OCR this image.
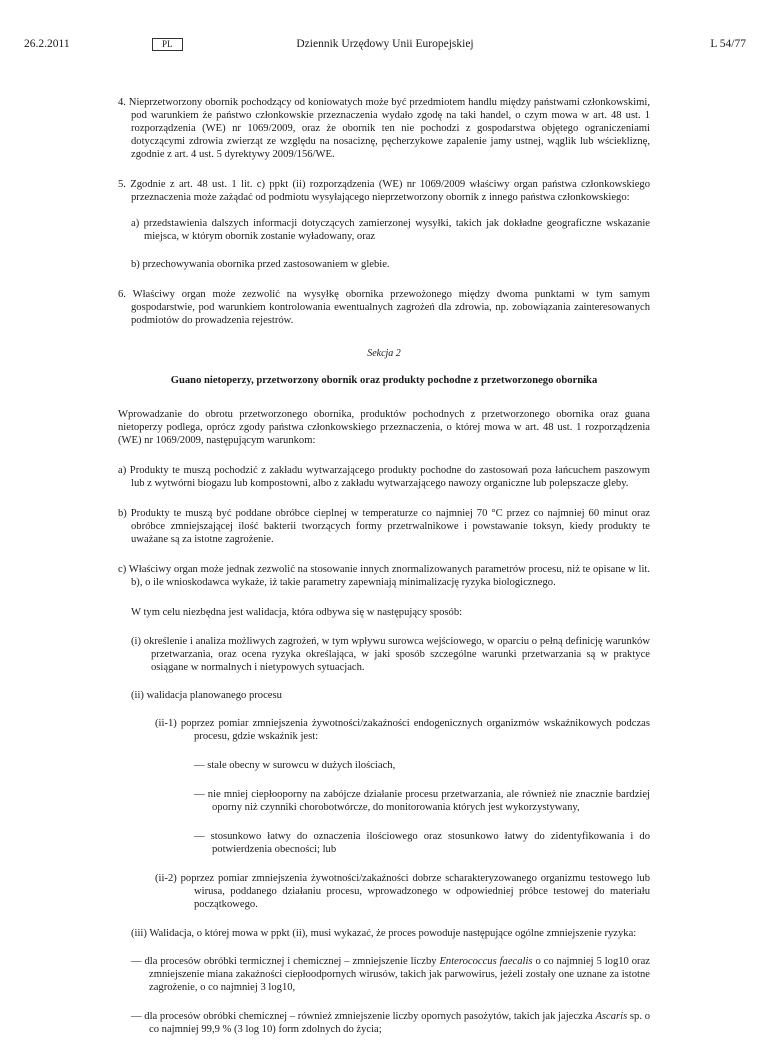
Dziennik Urzędowy Unii Europejskiej
26.2.2011	PL	L 54/77

4. Nieprzetworzony obornik pochodzący od koniowatych może być przedmiotem handlu między państwami członkowskimi, pod warunkiem że państwo członkowskie przeznaczenia wydało zgodę na taki handel, o czym mowa w art. 48 ust. 1 rozporządzenia (WE) nr 1069/2009, oraz że obornik ten nie pochodzi z gospodarstwa objętego ograniczeniami dotyczącymi zdrowia zwierząt ze względu na nosaciznę, pęcherzykowe zapalenie jamy ustnej, wąglik lub wściekliznę, zgodnie z art. 4 ust. 5 dyrektywy 2009/156/WE.

5. Zgodnie z art. 48 ust. 1 lit. c) ppkt (ii) rozporządzenia (WE) nr 1069/2009 właściwy organ państwa członkowskiego przeznaczenia może zażądać od podmiotu wysyłającego nieprzetworzony obornik z innego państwa członkowskiego:

a) przedstawienia dalszych informacji dotyczących zamierzonej wysyłki, takich jak dokładne geograficzne wskazanie miejsca, w którym obornik zostanie wyładowany, oraz

b) przechowywania obornika przed zastosowaniem w glebie.

6. Właściwy organ może zezwolić na wysyłkę obornika przewożonego między dwoma punktami w tym samym gospodarstwie, pod warunkiem kontrolowania ewentualnych zagrożeń dla zdrowia, np. zobowiązania zainteresowanych podmiotów do prowadzenia rejestrów.

Sekcja 2

Guano nietoperzy, przetworzony obornik oraz produkty pochodne z przetworzonego obornika

Wprowadzanie do obrotu przetworzonego obornika, produktów pochodnych z przetworzonego obornika oraz guana nietoperzy podlega, oprócz zgody państwa członkowskiego przeznaczenia, o której mowa w art. 48 ust. 1 rozporządzenia (WE) nr 1069/2009, następującym warunkom:

a) Produkty te muszą pochodzić z zakładu wytwarzającego produkty pochodne do zastosowań poza łańcuchem paszowym lub z wytwórni biogazu lub kompostowni, albo z zakładu wytwarzającego nawozy organiczne lub polepszacze gleby.

b) Produkty te muszą być poddane obróbce cieplnej w temperaturze co najmniej 70 °C przez co najmniej 60 minut oraz obróbce zmniejszającej ilość bakterii tworzących formy przetrwalnikowe i powstawanie toksyn, kiedy produkty te uważane są za istotne zagrożenie.

c) Właściwy organ może jednak zezwolić na stosowanie innych znormalizowanych parametrów procesu, niż te opisane w lit. b), o ile wnioskodawca wykaże, iż takie parametry zapewniają minimalizację ryzyka biologicznego.

W tym celu niezbędna jest walidacja, która odbywa się w następujący sposób:

(i) określenie i analiza możliwych zagrożeń, w tym wpływu surowca wejściowego, w oparciu o pełną definicję warunków przetwarzania, oraz ocena ryzyka określająca, w jaki sposób szczególne warunki przetwarzania są w praktyce osiągane w normalnych i nietypowych sytuacjach.

(ii) walidacja planowanego procesu

(ii-1) poprzez pomiar zmniejszenia żywotności/zakaźności endogenicznych organizmów wskaźnikowych podczas procesu, gdzie wskaźnik jest:

— stale obecny w surowcu w dużych ilościach,

— nie mniej ciepłooporny na zabójcze działanie procesu przetwarzania, ale również nie znacznie bardziej oporny niż czynniki chorobotwórcze, do monitorowania których jest wykorzystywany,

— stosunkowo łatwy do oznaczenia ilościowego oraz stosunkowo łatwy do zidentyfikowania i do potwierdzenia obecności; lub

(ii-2) poprzez pomiar zmniejszenia żywotności/zakaźności dobrze scharakteryzowanego organizmu testowego lub wirusa, poddanego działaniu procesu, wprowadzonego w odpowiedniej próbce testowej do materiału początkowego.

(iii) Walidacja, o której mowa w ppkt (ii), musi wykazać, że proces powoduje następujące ogólne zmniejszenie ryzyka:

— dla procesów obróbki termicznej i chemicznej – zmniejszenie liczby Enterococcus faecalis o co najmniej 5 log10 oraz zmniejszenie miana zakaźności ciepłoodpornych wirusów, takich jak parwowirus, jeżeli zostały one uznane za istotne zagrożenie, o co najmniej 3 log10,

— dla procesów obróbki chemicznej – również zmniejszenie liczby opornych pasożytów, takich jak jajeczka Ascaris sp. o co najmniej 99,9 % (3 log 10) form zdolnych do życia;
